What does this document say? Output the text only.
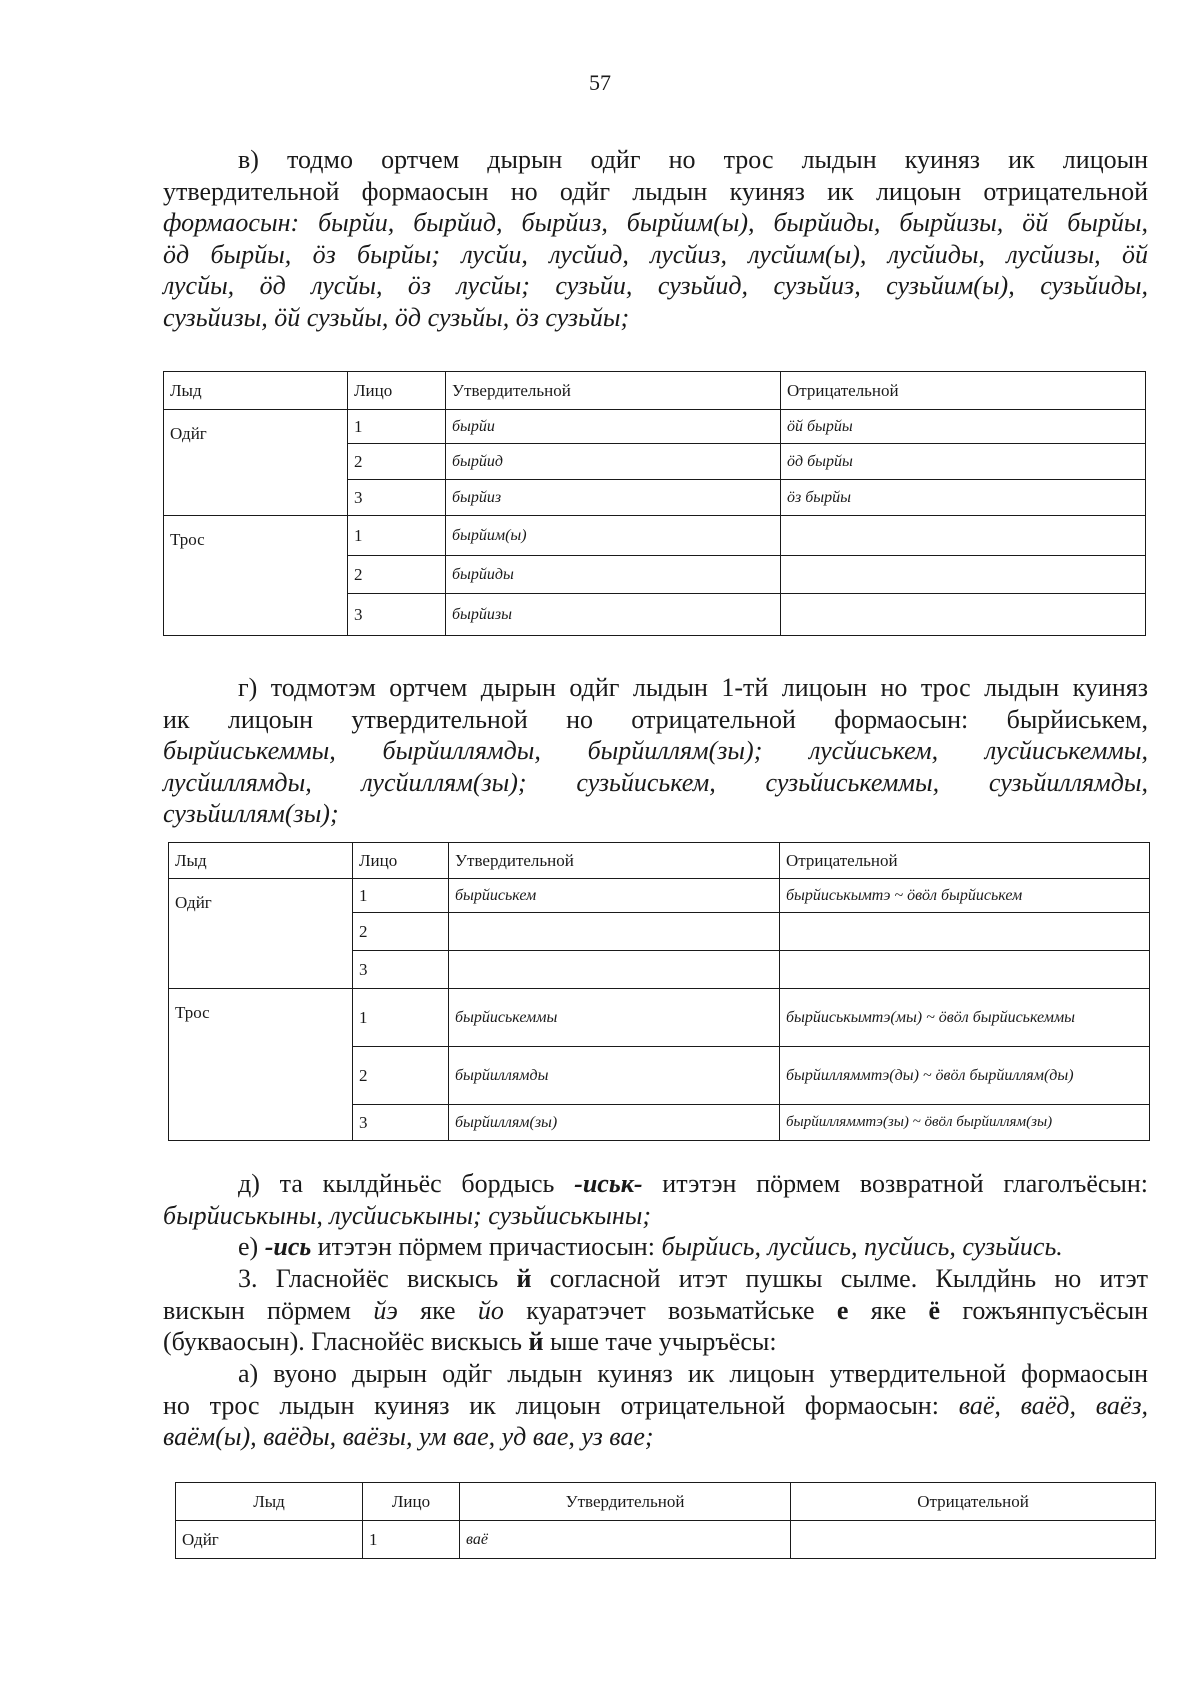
57
в) тодмо ортчем дырын одйг но трос лыдын куиняз ик лицоын
утвердительной формаосын но одйг лыдын куиняз ик лицоын отрицательной
формаосын: бырйи, бырйид, бырйиз, бырйим(ы), бырйиды, бырйизы, ӧй бырйы,
ӧд бырйы, ӧз бырйы; лусйи, лусйид, лусйиз, лусйим(ы), лусйиды, лусйизы, ӧй
лусйы, ӧд лусйы, ӧз лусйы; сузьйи, сузьйид, сузьйиз, сузьйим(ы), сузьйиды,
сузьйизы, ӧй сузьйы, ӧд сузьйы, ӧз сузьйы;
Лыд	Лицо	Утвердительной	Отрицательной
Одйг	1	бырйи	ӧй бырйы
	2	бырйид	ӧд бырйы
	3	бырйиз	ӧз бырйы
Трос	1	бырйим(ы)	
	2	бырйиды	
	3	бырйизы	
г) тодмотэм ортчем дырын одйг лыдын 1-тй лицоын но трос лыдын куиняз
ик лицоын утвердительной но отрицательной формаосын: бырйиськем,
бырйиськеммы, бырйиллямды, бырйиллям(зы); лусйиськем, лусйиськеммы,
лусйиллямды, лусйиллям(зы); сузьйиськем, сузьйиськеммы, сузьйиллямды,
сузьйиллям(зы);
Лыд	Лицо	Утвердительной	Отрицательной
Одйг	1	бырйиськем	бырйиськымтэ ~ ӧвӧл бырйиськем
	2		
	3		
Трос	1	бырйиськеммы	бырйиськымтэ(мы) ~ ӧвӧл бырйиськеммы
	2	бырйиллямды	бырйилляммтэ(ды) ~ ӧвӧл бырйиллям(ды)
	3	бырйиллям(зы)	бырйилляммтэ(зы) ~ ӧвӧл бырйиллям(зы)
д) та кылдйньёс бордысь -иськ- итэтэн пӧрмем возвратной глаголъёсын:
бырйиськыны, лусйиськыны; сузьйиськыны;
е) -ись итэтэн пӧрмем причастиосын: бырйись, лусйись, пусйись, сузьйись.
3. Гласнойёс вискысь й согласной итэт пушкы сылме. Кылдйнь но итэт
вискын пӧрмем йэ яке йо куаратэчет возьматйське е яке ё гожъянпусъёсын
(букваосын). Гласнойёс вискысь й ыше таче учыръёсы:
а) вуоно дырын одйг лыдын куиняз ик лицоын утвердительной формаосын
но трос лыдын куиняз ик лицоын отрицательной формаосын: ваё, ваёд, ваёз,
ваём(ы), ваёды, ваёзы, ум вае, уд вае, уз вае;
Лыд	Лицо	Утвердительной	Отрицательной
Одйг	1	ваё	
